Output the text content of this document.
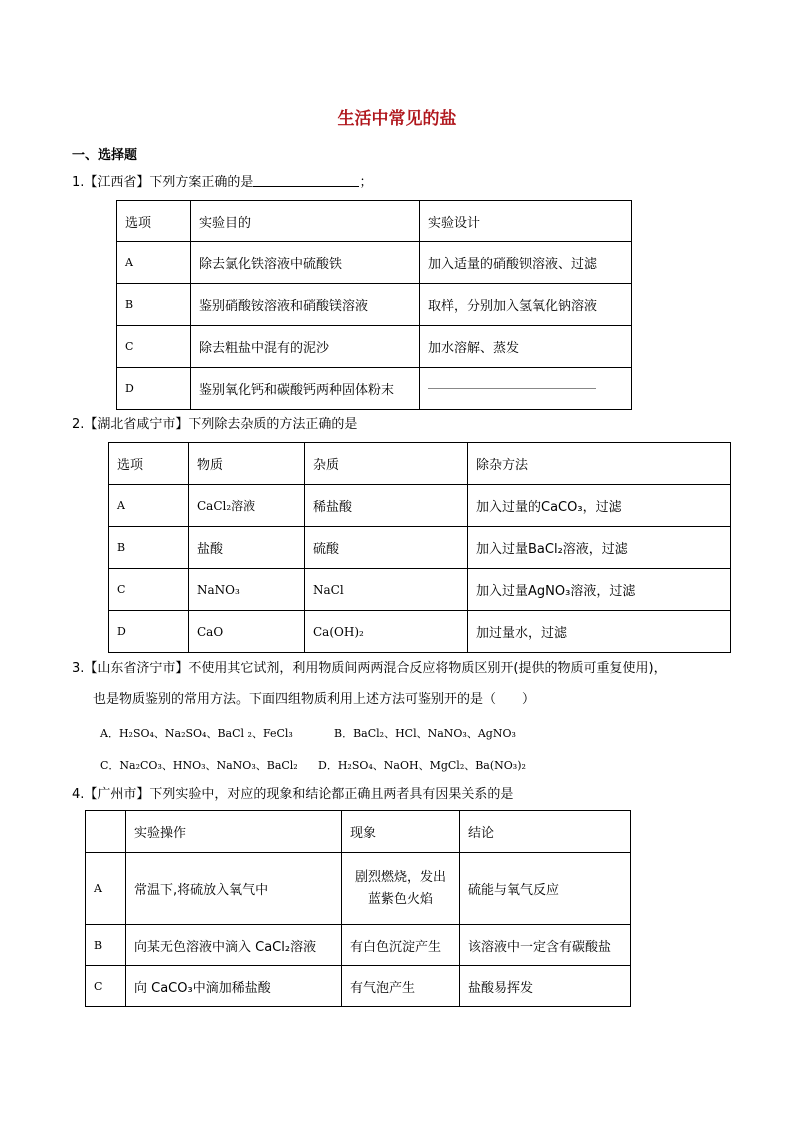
生活中常见的盐
一、选择题
1.【江西省】下列方案正确的是	；
选项	实验目的	实验设计
A	除去氯化铁溶液中硫酸铁	加入适量的硝酸钡溶液、过滤
B	鉴别硝酸铵溶液和硝酸镁溶液	取样，分别加入氢氧化钠溶液
C	除去粗盐中混有的泥沙	加水溶解、蒸发
D	鉴别氧化钙和碳酸钙两种固体粉末	
2.【湖北省咸宁市】下列除去杂质的方法正确的是
选项	物质	杂质	除杂方法
A	CaCl₂溶液	稀盐酸	加入过量的CaCO₃，过滤
B	盐酸	硫酸	加入过量BaCl₂溶液，过滤
C	NaNO₃	NaCl	加入过量AgNO₃溶液，过滤
D	CaO	Ca(OH)₂	加过量水，过滤
3.【山东省济宁市】不使用其它试剂，利用物质间两两混合反应将物质区别开(提供的物质可重复使用)，
也是物质鉴别的常用方法。下面四组物质利用上述方法可鉴别开的是（　　）
A．H₂SO₄、Na₂SO₄、BaCl ₂、FeCl₃	B．BaCl₂、HCl、NaNO₃、AgNO₃
C．Na₂CO₃、HNO₃、NaNO₃、BaCl₂ D．H₂SO₄、NaOH、MgCl₂、Ba(NO₃)₂
4.【广州市】下列实验中，对应的现象和结论都正确且两者具有因果关系的是
	实验操作	现象	结论
A	常温下,将硫放入氧气中	剧烈燃烧，发出
蓝紫色火焰	硫能与氧气反应
B	向某无色溶液中滴入 CaCl₂溶液	有白色沉淀产生	该溶液中一定含有碳酸盐
C	向 CaCO₃中滴加稀盐酸	有气泡产生	盐酸易挥发
